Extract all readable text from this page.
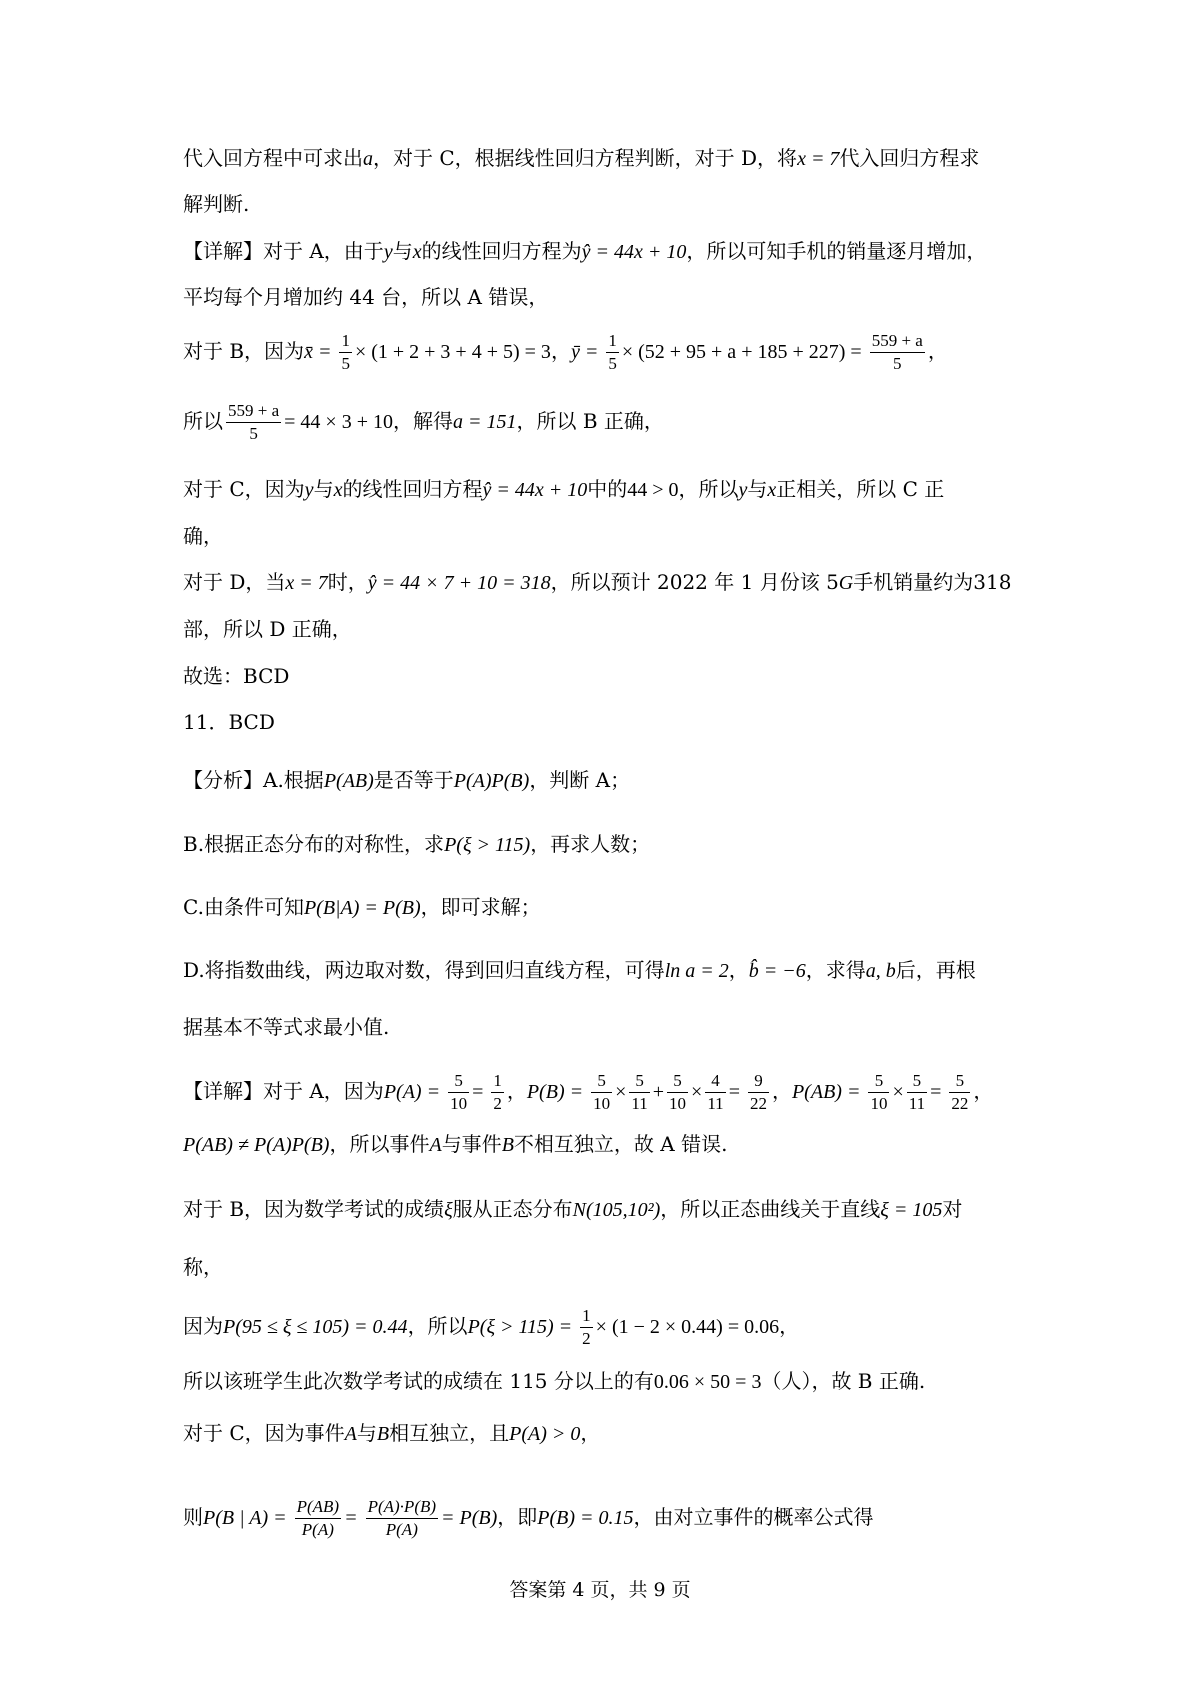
代入回方程中可求出a，对于 C，根据线性回归方程判断，对于 D，将x = 7代入回归方程求
解判断.
【详解】对于 A，由于y与x的线性回归方程为ŷ = 44x + 10，所以可知手机的销量逐月增加，
平均每个月增加约 44 台，所以 A 错误，
对于 B，因为x̄ = $\frac{1}{5} \times (1 + 2 + 3 + 4 + 5) = 3$，ȳ = $\frac{1}{5} \times (52 + 95 + a + 185 + 227) = \frac{559 + a}{5}$ ，
所以 $\frac{559 + a}{5} = 44 \times 3 + 10$，解得a = 151，所以 B 正确，
对于 C，因为y与x的线性回归方程ŷ = 44x + 10中的44 > 0，所以y与x正相关，所以 C 正
确，
对于 D，当x = 7时，ŷ = 44 × 7 + 10 = 318，所以预计 2022 年 1 月份该 5G手机销量约为318
部，所以 D 正确，
故选：BCD
11．BCD
【分析】A.根据P(AB)是否等于P(A)P(B)，判断 A；
B.根据正态分布的对称性，求P(ξ > 115)，再求人数；
C.由条件可知P(B|A) = P(B)，即可求解；
D.将指数曲线，两边取对数，得到回归直线方程，可得ln a = 2，b̂ = −6，求得a, b后，再根
据基本不等式求最小值.
【详解】对于 A，因为$P(A) = \frac{5}{10} = \frac{1}{2}$ ，$P(B) = \frac{5}{10} \times \frac{5}{11} + \frac{5}{10} \times \frac{4}{11} = \frac{9}{22}$ ，$P(AB) = \frac{5}{10} \times \frac{5}{11} = \frac{5}{22}$ ，
P(AB) ≠ P(A)P(B)，所以事件A与事件B不相互独立，故 A 错误.
对于 B，因为数学考试的成绩ξ服从正态分布N(105,10²)，所以正态曲线关于直线ξ = 105对
称，
因为P(95 ≤ ξ ≤ 105) = 0.44，所以$P(\xi > 115) = \frac{1}{2} \times (1 - 2 \times 0.44) = 0.06$，
所以该班学生此次数学考试的成绩在 115 分以上的有0.06 × 50 = 3（人），故 B 正确.
对于 C，因为事件A与B相互独立，且P(A) > 0，
则P(B | $A) = \frac{P(AB)}{P(A)} = \frac{P(A)\cdot P(B)}{P(A)} = P(B)$，即P(B) = 0.15，由对立事件的概率公式得
答案第 4 页，共 9 页
